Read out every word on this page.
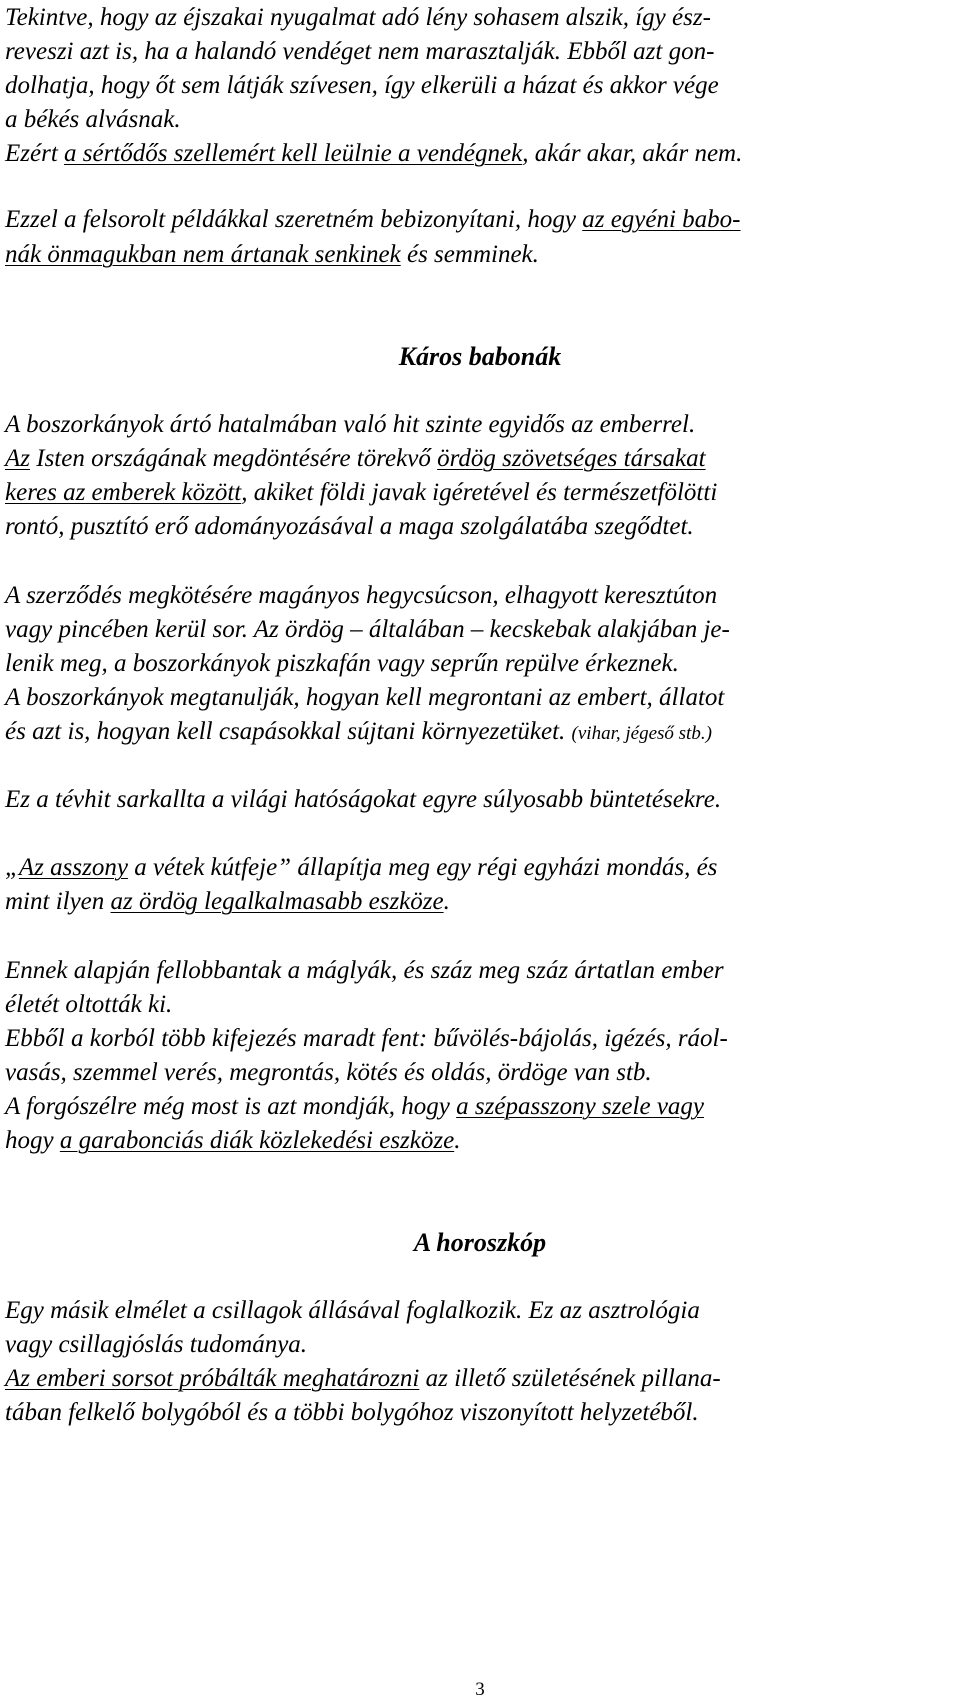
Tekintve, hogy az éjszakai nyugalmat adó lény sohasem alszik, így ész-

reveszi azt is, ha a halandó vendéget nem marasztalják. Ebből azt gon-

dolhatja, hogy őt sem látják szívesen, így elkerüli a házat és akkor vége

a békés alvásnak.

Ezért a sértődős szellemért kell leülnie a vendégnek, akár akar, akár nem.

Ezzel a felsorolt példákkal szeretném bebizonyítani, hogy az egyéni babo-

nák önmagukban nem ártanak senkinek és semminek.

Káros babonák

A boszorkányok ártó hatalmában való hit szinte egyidős az emberrel.

Az Isten országának megdöntésére törekvő ördög szövetséges társakat

keres az emberek között, akiket földi javak igéretével és természetfölötti

rontó, pusztító erő adományozásával a maga szolgálatába szegődtet.

A szerződés megkötésére magányos hegycsúcson, elhagyott keresztúton

vagy pincében kerül sor. Az ördög – általában – kecskebak alakjában je-

lenik meg, a boszorkányok piszkafán vagy seprűn repülve érkeznek.

A boszorkányok megtanulják, hogyan kell megrontani az embert, állatot

és azt is, hogyan kell csapásokkal sújtani környezetüket. (vihar, jégeső stb.)

Ez a tévhit sarkallta a világi hatóságokat egyre súlyosabb büntetésekre.

„Az asszony a vétek kútfeje” állapítja meg egy régi egyházi mondás, és

mint ilyen az ördög legalkalmasabb eszköze.

Ennek alapján fellobbantak a máglyák, és száz meg száz ártatlan ember

életét oltották ki.

Ebből a korból több kifejezés maradt fent: bűvölés-bájolás, igézés, ráol-

vasás, szemmel verés, megrontás, kötés és oldás, ördöge van stb.

A forgószélre még most is azt mondják, hogy a szépasszony szele vagy

hogy a garabonciás diák közlekedési eszköze.

A horoszkóp

Egy másik elmélet a csillagok állásával foglalkozik. Ez az asztrológia

vagy csillagjóslás tudománya.

Az emberi sorsot próbálták meghatározni az illető születésének pillana-

tában felkelő bolygóból és a többi bolygóhoz viszonyított helyzetéből.

3
